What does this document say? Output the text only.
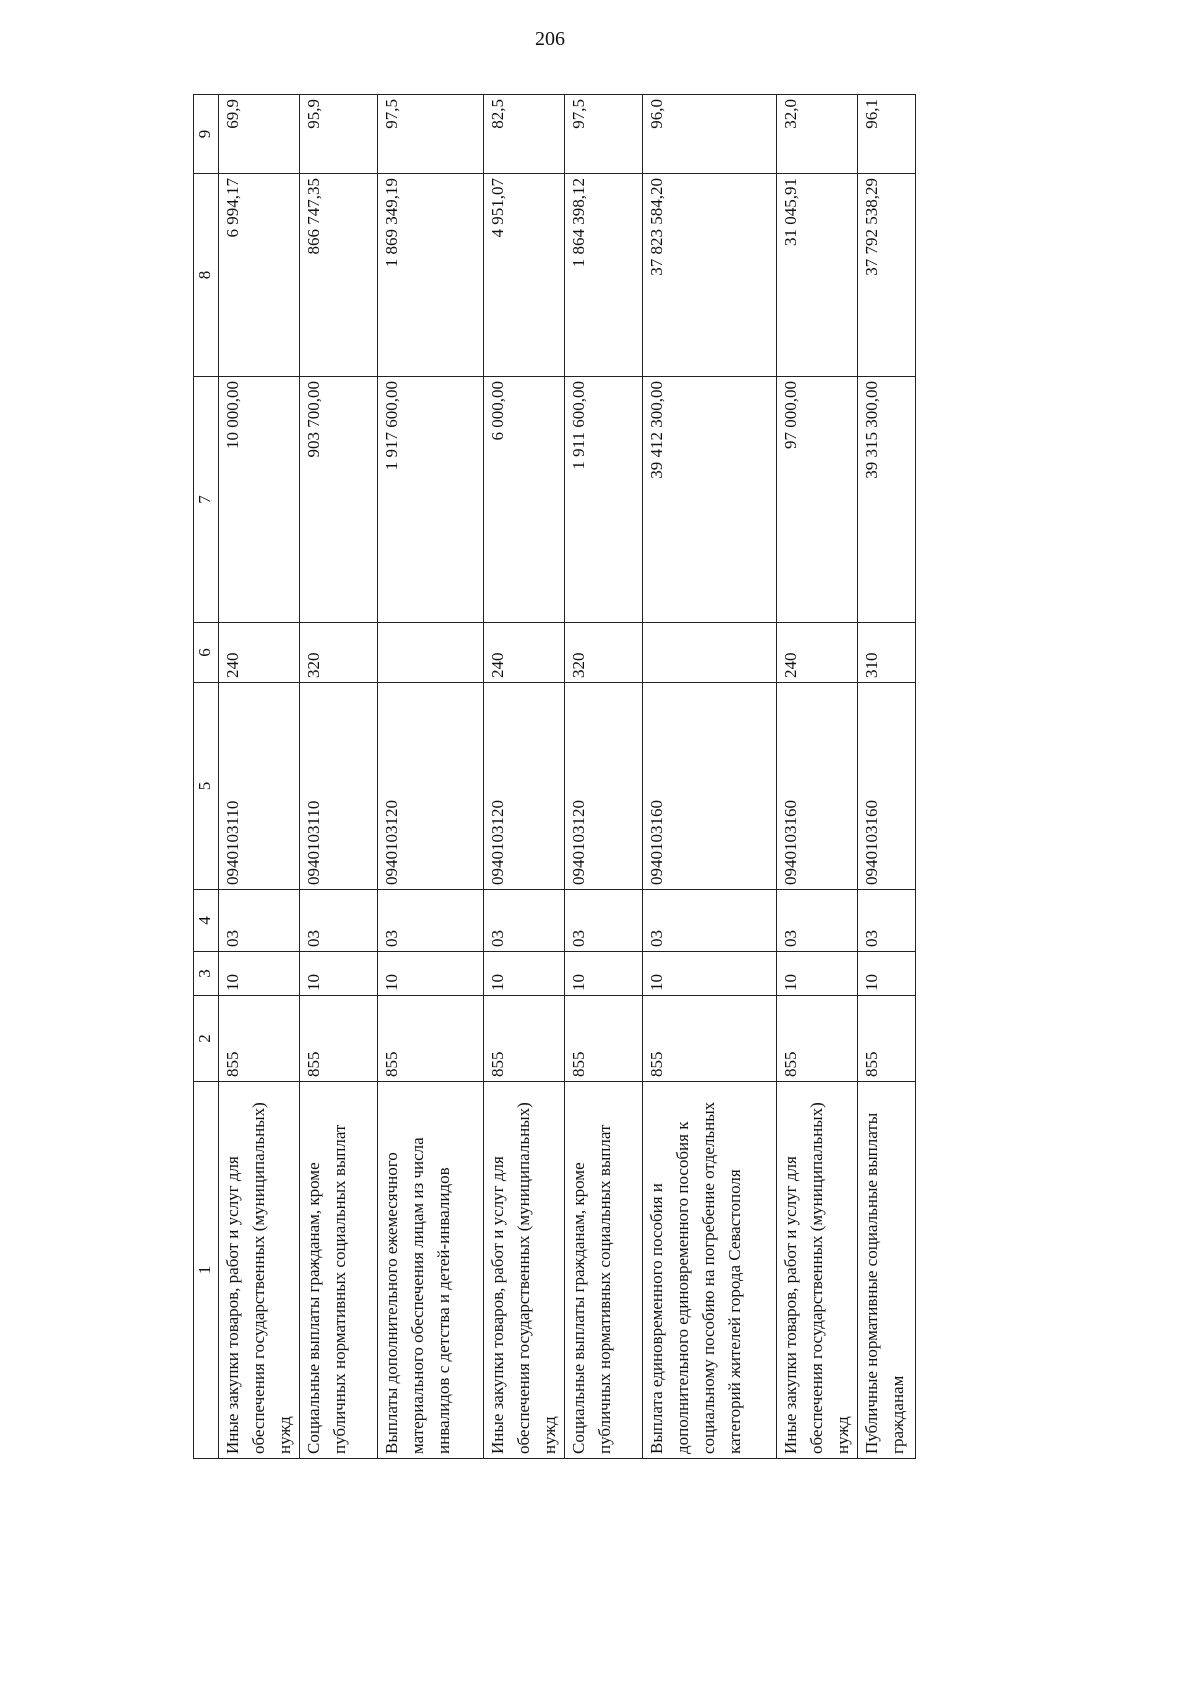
206
1	2	3	4	5	6	7	8	9
Иные закупки товаров, работ и услуг для обеспечения государственных (муниципальных) нужд	855	10	03	0940103110	240	10 000,00	6 994,17	69,9
Социальные выплаты гражданам, кроме публичных нормативных социальных выплат	855	10	03	0940103110	320	903 700,00	866 747,35	95,9
Выплаты дополнительного ежемесячного материального обеспечения лицам из числа инвалидов с детства и детей-инвалидов	855	10	03	0940103120		1 917 600,00	1 869 349,19	97,5
Иные закупки товаров, работ и услуг для обеспечения государственных (муниципальных) нужд	855	10	03	0940103120	240	6 000,00	4 951,07	82,5
Социальные выплаты гражданам, кроме публичных нормативных социальных выплат	855	10	03	0940103120	320	1 911 600,00	1 864 398,12	97,5
Выплата единовременного пособия и дополнительного единовременного пособия к социальному пособию на погребение отдельных категорий жителей города Севастополя	855	10	03	0940103160		39 412 300,00	37 823 584,20	96,0
Иные закупки товаров, работ и услуг для обеспечения государственных (муниципальных) нужд	855	10	03	0940103160	240	97 000,00	31 045,91	32,0
Публичные нормативные социальные выплаты гражданам	855	10	03	0940103160	310	39 315 300,00	37 792 538,29	96,1
